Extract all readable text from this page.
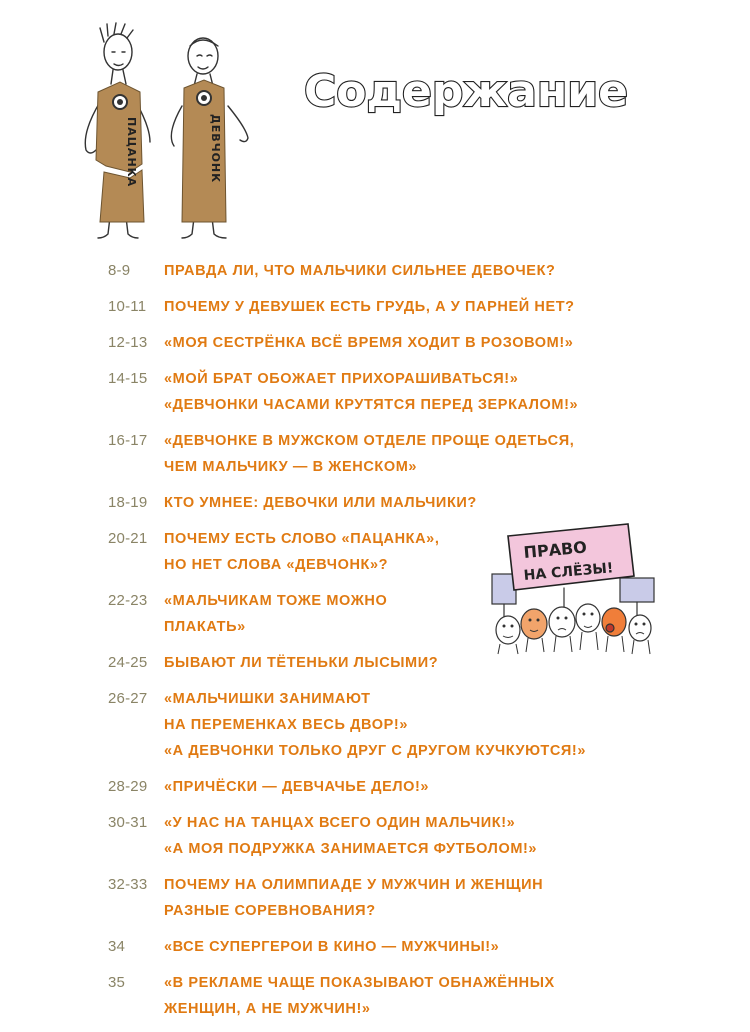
ПАЦАНКА	ДЕВЧОНК
Содержание
ПРАВО
НА СЛЁЗЫ!
8-9	ПРАВДА ЛИ, ЧТО МАЛЬЧИКИ СИЛЬНЕЕ ДЕВОЧЕК?
10-11	ПОЧЕМУ У ДЕВУШЕК ЕСТЬ ГРУДЬ, А У ПАРНЕЙ НЕТ?
12-13	«МОЯ СЕСТРЁНКА ВСЁ ВРЕМЯ ХОДИТ В РОЗОВОМ!»
14-15	«МОЙ БРАТ ОБОЖАЕТ ПРИХОРАШИВАТЬСЯ!»
«ДЕВЧОНКИ ЧАСАМИ КРУТЯТСЯ ПЕРЕД ЗЕРКАЛОМ!»
16-17	«ДЕВЧОНКЕ В МУЖСКОМ ОТДЕЛЕ ПРОЩЕ ОДЕТЬСЯ,
ЧЕМ МАЛЬЧИКУ — В ЖЕНСКОМ»
18-19	КТО УМНЕЕ: ДЕВОЧКИ ИЛИ МАЛЬЧИКИ?
20-21	ПОЧЕМУ ЕСТЬ СЛОВО «ПАЦАНКА»,
НО НЕТ СЛОВА «ДЕВЧОНК»?
22-23	«МАЛЬЧИКАМ ТОЖЕ МОЖНО
ПЛАКАТЬ»
24-25	БЫВАЮТ ЛИ ТЁТЕНЬКИ ЛЫСЫМИ?
26-27	«МАЛЬЧИШКИ ЗАНИМАЮТ
НА ПЕРЕМЕНКАХ ВЕСЬ ДВОР!»
«А ДЕВЧОНКИ ТОЛЬКО ДРУГ С ДРУГОМ КУЧКУЮТСЯ!»
28-29	«ПРИЧЁСКИ — ДЕВЧАЧЬЕ ДЕЛО!»
30-31	«У НАС НА ТАНЦАХ ВСЕГО ОДИН МАЛЬЧИК!»
«А МОЯ ПОДРУЖКА ЗАНИМАЕТСЯ ФУТБОЛОМ!»
32-33	ПОЧЕМУ НА ОЛИМПИАДЕ У МУЖЧИН И ЖЕНЩИН
РАЗНЫЕ СОРЕВНОВАНИЯ?
34	«ВСЕ СУПЕРГЕРОИ В КИНО — МУЖЧИНЫ!»
35	«В РЕКЛАМЕ ЧАЩЕ ПОКАЗЫВАЮТ ОБНАЖЁННЫХ
ЖЕНЩИН, А НЕ МУЖЧИН!»
